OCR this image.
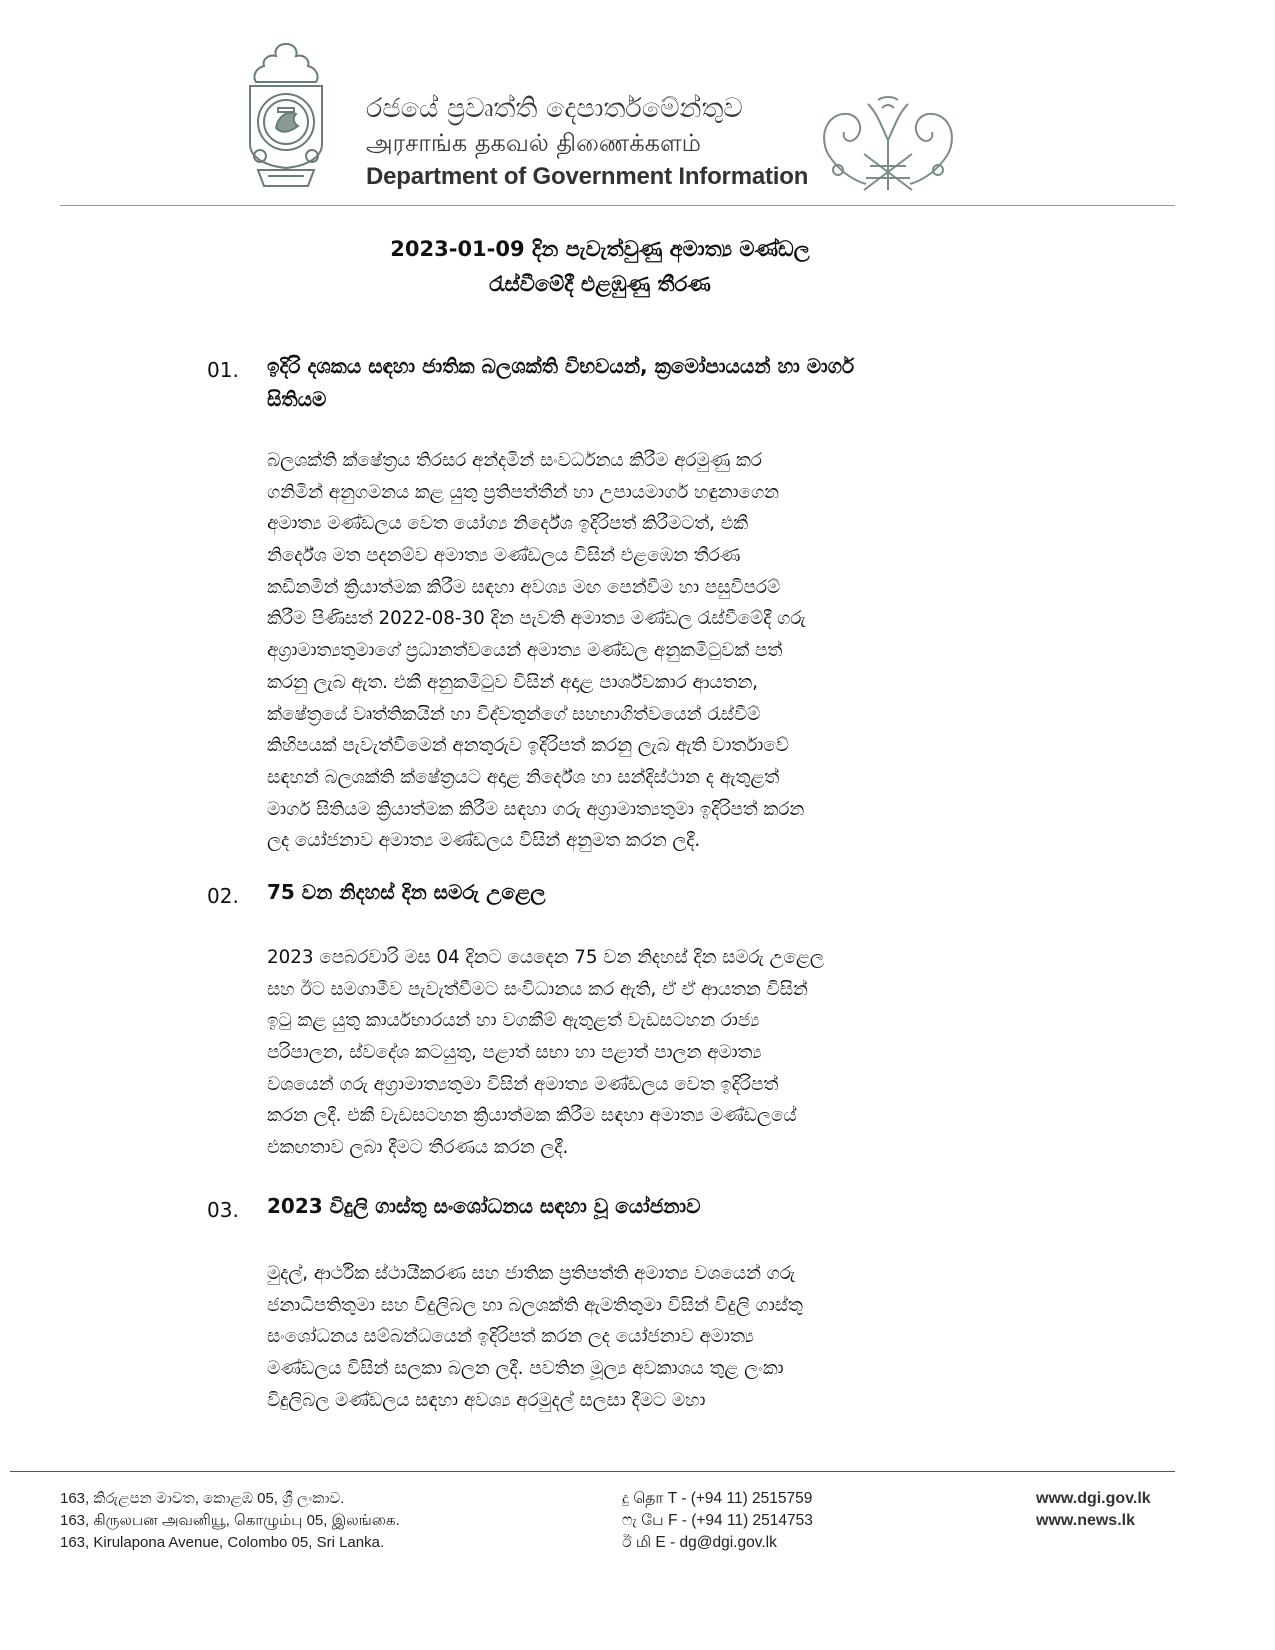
රජයේ ප්‍රවෘත්ති දෙපාර්තමේන්තුව
அரசாங்க தகவல் திணைக்களம்
Department of Government Information
2023-01-09 දින පැවැත්වුණු අමාත්‍ය මණ්ඩල
රැස්වීමේදී එළඹුණු තීරණ
01. ඉදිරි දශකය සඳහා ජාතික බලශක්ති විභවයන්, ක්‍රමෝපායයන් හා මාර්ග
සිතියම
බලශක්ති ක්ෂේත්‍රය තිරසර අන්දමින් සංවර්ධනය කිරීම අරමුණු කර
ගනිමින් අනුගමනය කළ යුතු ප්‍රතිපත්තීන් හා උපායමාර්ග හඳුනාගෙන
අමාත්‍ය මණ්ඩලය වෙත යෝග්‍ය නිර්දේශ ඉදිරිපත් කිරීමටත්, එකී
නිර්දේශ මත පදනම්ව අමාත්‍ය මණ්ඩලය විසින් එළඹෙන තීරණ
කඩිනමින් ක්‍රියාත්මක කිරීම සඳහා අවශ්‍ය මඟ පෙන්වීම හා පසුවිපරම්
කිරීම පිණිසත් 2022-08-30 දින පැවති අමාත්‍ය මණ්ඩල රැස්වීමේදී ගරු
අග්‍රාමාත්‍යතුමාගේ ප්‍රධානත්වයෙන් අමාත්‍ය මණ්ඩල අනුකමිටුවක් පත්
කරනු ලැබ ඇත. එකී අනුකමිටුව විසින් අදාළ පාර්ශ්වකාර ආයතන,
ක්ෂේත්‍රයේ වෘත්තිකයින් හා විද්වතුන්ගේ සහභාගිත්වයෙන් රැස්වීම්
කිහිපයක් පැවැත්වීමෙන් අනතුරුව ඉදිරිපත් කරනු ලැබ ඇති වාර්තාවේ
සඳහන් බලශක්ති ක්ෂේත්‍රයට අදාළ නිර්දේශ හා සන්දිස්ථාන ද ඇතුළත්
මාර්ග සිතියම ක්‍රියාත්මක කිරීම සඳහා ගරු අග්‍රාමාත්‍යතුමා ඉදිරිපත් කරන
ලද යෝජනාව අමාත්‍ය මණ්ඩලය විසින් අනුමත කරන ලදී.
02. 75 වන නිදහස් දින සමරු උළෙල
2023 පෙබරවාරි මස 04 දිනට යෙදෙන 75 වන නිදහස් දින සමරු උළෙල
සහ ඊට සමගාමීව පැවැත්වීමට සංවිධානය කර ඇති, ඒ ඒ ආයතන විසින්
ඉටු කළ යුතු කාර්යභාරයන් හා වගකීම් ඇතුළත් වැඩසටහන රාජ්‍ය
පරිපාලන, ස්වදේශ කටයුතු, පළාත් සභා හා පළාත් පාලන අමාත්‍ය
වශයෙන් ගරු අග්‍රාමාත්‍යතුමා විසින් අමාත්‍ය මණ්ඩලය වෙත ඉදිරිපත්
කරන ලදී. එකී වැඩසටහන ක්‍රියාත්මක කිරීම සඳහා අමාත්‍ය මණ්ඩලයේ
එකඟතාව ලබා දීමට තීරණය කරන ලදී.
03. 2023 විදුලි ගාස්තු සංශෝධනය සඳහා වූ යෝජනාව
මුදල්, ආර්ථික ස්ථායීකරණ සහ ජාතික ප්‍රතිපත්ති අමාත්‍ය වශයෙන් ගරු
ජනාධිපතිතුමා සහ විදුලිබල හා බලශක්ති ඇමතිතුමා විසින් විදුලි ගාස්තු
සංශෝධනය සම්බන්ධයෙන් ඉදිරිපත් කරන ලද යෝජනාව අමාත්‍ය
මණ්ඩලය විසින් සලකා බලන ලදී. පවතින මූල්‍ය අවකාශය තුළ ලංකා
විදුලිබල මණ්ඩලය සඳහා අවශ්‍ය අරමුදල් සලසා දීමට මහා
163, කිරුළපන මාවත, කොළඹ 05, ශ්‍රී ලංකාව.
163, கிருலபன அவனியூ, கொழும்பு 05, இலங்கை.
163, Kirulapona Avenue, Colombo 05, Sri Lanka.
දු தொ T - (+94 11) 2515759
ෆැ பே F - (+94 11) 2514753
ඊ மி E - dg@dgi.gov.lk
www.dgi.gov.lk
www.news.lk
